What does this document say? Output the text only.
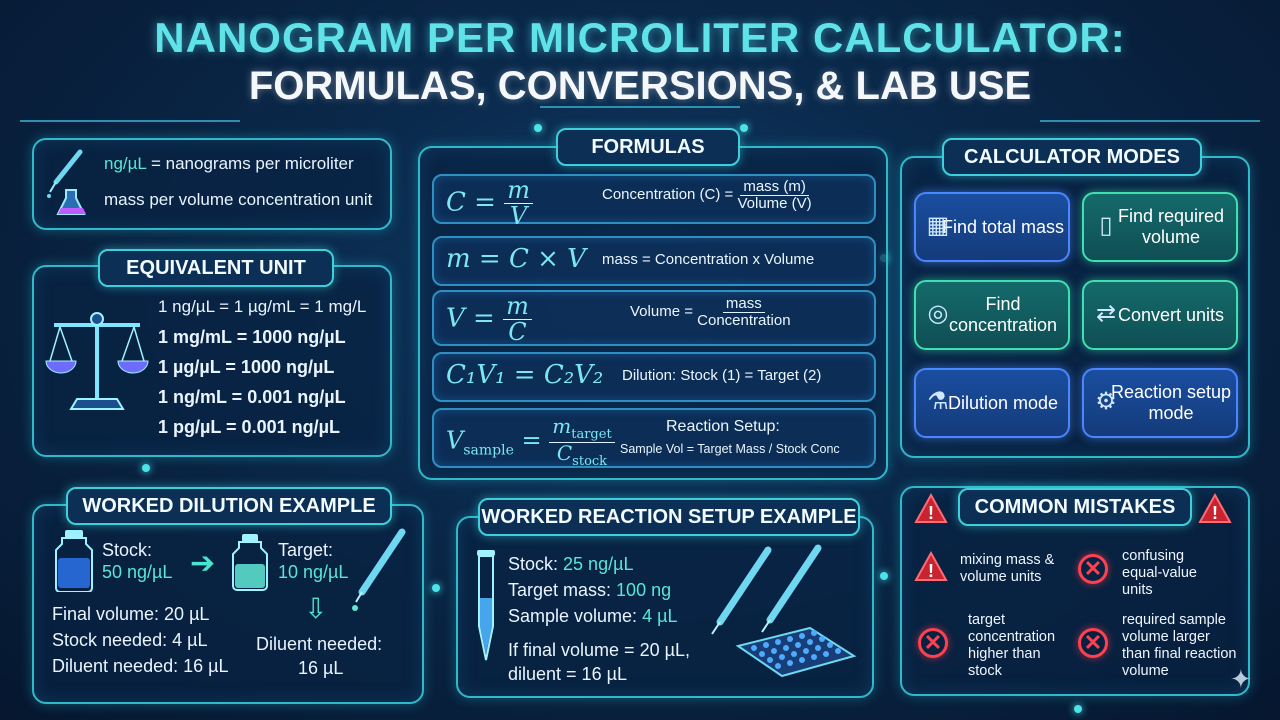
NANOGRAM PER MICROLITER CALCULATOR:
FORMULAS, CONVERSIONS, & LAB USE
ng/µL = nanograms per microliter
mass per volume concentration unit
1 ng/µL = 1 µg/mL = 1 mg/L
1 mg/mL = 1000 ng/µL
1 µg/µL = 1000 ng/µL
1 ng/mL = 0.001 ng/µL
1 pg/µL = 0.001 ng/µL
EQUIVALENT UNIT
$C = \frac{m}{V}$	Concentration $(C) = \frac{\text{mass (m)}}{\text{Volume (V)}}$
m = C × V mass = Concentration x Volume
$V = \frac{m}{C}$	Volume = $\frac{\text{mass}}{\text{Concentration}}$
C₁V₁ = C₂V₂ Dilution: Stock (1) = Target (2)
$V_{sample} = \frac{m_{target}}{C_{stock}}$	Reaction Setup:
Sample Vol = Target Mass / Stock Conc
FORMULAS
▦
Find total mass	▯ Find required volume
◎	Find concentration	⇄ Convert units
⚗ Dilution mode ⚙
Reaction setup mode
CALCULATOR MODES
Stock:
50 ng/µL ➔	Target:
10 ng/µL
⇩
Final volume: 20 µL
Stock needed: 4 µL
Diluent needed: 16 µL
Diluent needed:
16 µL
WORKED DILUTION EXAMPLE
Stock: 25 ng/µL
Target mass: 100 ng
Sample volume: 4 µL
If final volume = 20 µL,
diluent = 16 µL
WORKED REACTION SETUP EXAMPLE	!	!
!
mixing mass & volume units	✕	confusing equal-value units
✕
target concentration higher than stock
✕
required sample volume larger than final reaction volume
COMMON MISTAKES
✦
